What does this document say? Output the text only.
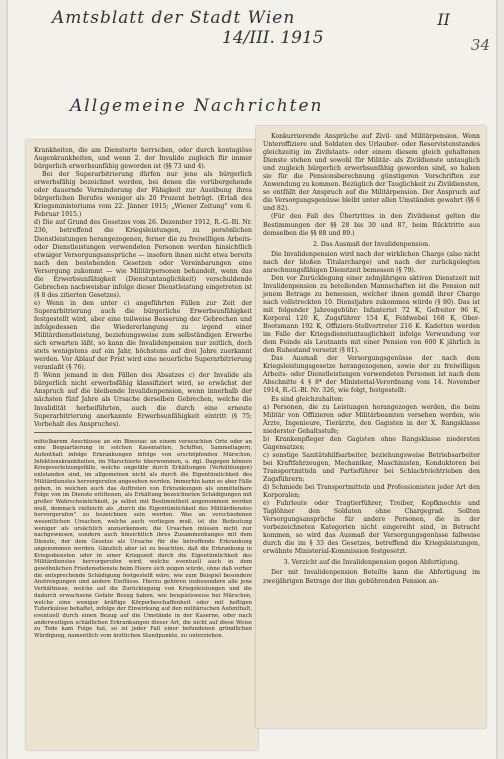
Amtsblatt der Stadt Wien	II
14/III. 1915	34
Allgemeine Nachrichten

Krankheiten, die am Dienstorte herrschen, oder durch kontagiöse Augenkrankheiten, und wenn 2. der Invalide zugleich für immer bürgerlich erwerbsunfähig geworden ist (§§ 73 und 4).

Bei der Superarbitrierung dürfen nur jene als bürgerlich erwerbsfähig bezeichnet werden, bei denen die vorübergehende oder dauernde Verminderung der Fähigkeit zur Ausübung ihres bürgerlichen Berufes weniger als 20 Prozent beträgt. (Erlaß des Kriegsministeriums vom 22. Jänner 1915; „Wiener Zeitung" vom 6. Februar 1915.)

d) Die auf Grund des Gesetzes vom 26. Dezember 1912, R.-G.-Bl. Nr. 236, betreffend die Kriegsleistungen, zu persönlichen Dienstleistungen herangezogenen, ferner die zu freiwilligen Arbeits- oder Dienstleistungen verwendeten Personen werden hinsichtlich etwaiger Versorgungsansprüche — insofern ihnen nicht etwa bereits nach den bestehenden Gesetzen oder Vereinbarungen eine Versorgung zukommt — wie Militärpersonen behandelt, wenn das die Erwerbsunfähigkeit (Dienstuntauglichkeit) verschuldende Gebrechen nachweisbar infolge dieser Dienstleistung eingetreten ist (§ 8 des zitierten Gesetzes).

e) Wenn in den unter c) angeführten Fällen zur Zeit der Superarbitrierung auch die bürgerliche Erwerbsunfähigkeit festgestellt wird, aber eine teilweise Besserung der Gebrechen und infolgedessen die Wiedererlangung zu irgend einer Militärdienstleistung, beziehungsweise zum selbständigen Erwerbe sich erwarten läßt, so kann die Invalidenpension nur zeitlich, doch stets wenigstens auf ein Jahr, höchstens auf drei Jahre zuerkannt werden. Vor Ablauf der Frist wird eine neuerliche Superarbitrierung veranlaßt (§ 76).

f) Wenn jemand in den Fällen des Absatzes c) der Invalide als bürgerlich nicht erwerbsfähig klassifiziert wird, so erwächst der Anspruch auf die bleibende Invalidenpension, wenn innerhalb der nächsten fünf Jahre als Ursache derselben Gebrechen, welche die Invalidität herbeiführten, auch die durch eine erneute Superarbitrierung anerkannte Erwerbsunfähigkeit eintritt (§ 75; Vorbehalt des Anspruches).

mittelbarem Anschlusse an ein Biwouac an einem verseuchten Orte oder an eine Bequartierung in solchen Kasematten, Schiffen, Sammellagern, Aufenthalt infolge Erkrankungen infolge von erschöpfenden Märschen, Infektionskrankheiten, im Marschierte überwommen, u. dgl. Dagegen können Kriegsverletzungsfälle, welche ungefähr durch Erkältungen (Verkühlungen) entstanden sind, im allgemeinen nicht als durch die Eigentümlichkeit des Militärdienstes hervorgerufen angesehen werden. Immerhin kann es aber Fälle geben, in welchen auch das Auftreten von Erkrankungen als unmittelbare Folge von im Dienste erlittenen, als Erkältung bezeichneten Schädigungen mit großer Wahrscheinlichkeit, ja selbst mit Bestimmtheit angenommen werden muß, demnach vielleicht als „durch die Eigentümlichkeit des Militärdienstes hervorgerufen" zu bezeichnen sein werden. Was an verschiedenen wesentlichen Ursachen, welche auch vorliegen muß, ist die Bedeutung weniger als ursächlich anzuerkennen; die Ursachen müssen nicht nur nachgewiesen, sondern auch hinsichtlich ihres Zusammenhanges mit dem Dienste, der dem Gesetze als Ursache für die betreffende Erkrankung angenommen werden. Gänzlich aber ist zu beachten, daß die Erkrankung in Kriegsdiensten oder in einer Kriegszeit durch die Eigentümlichkeit des Militärdienstes hervorgerufen wird, welche eventuell auch in dem gewöhnlichen Friedensdienste beim Heere sich zeigen würde, ohne daß vorher die entsprechende Schädigung festgestellt wäre, wie zum Beispiel besondere Anstrengungen und andere Einflüsse. Hierzu gehören insbesondere alle jene Verhältnisse, welche auf die Zurücklegung von Kriegsleistungen und die dadurch erwachsene Gefahr Bezug haben, wie beispielsweise bei Märschen, welche eine weniger kräftige Körperbeschaffenheit oder mit heftigen Tuberkulose behaftet, infolge der Einwirkung auf den militärischen Aufenthalt, eventuell durch einen Bezug auf die Umstände in der Kaserne, oder nach anderweitigen schädlichen Erkrankungen dieser Art, die nicht auf diese Weise zu Tode kam Folge hat, so ist jeder Fall einer befundenen gründlichen Würdigung, namentlich vom ärztlichen Standpunkte, zu unterziehen.

Konkurrierende Ansprüche auf Zivil- und Militärpension. Wenn Unteroffiziere und Soldaten des Urlauber- oder Reservistenstandes gleichzeitig im Zivilstaats- oder einem diesem gleich gehaltenen Dienste stehen und sowohl für Militär- als Zivildienste untauglich und zugleich bürgerlich erwerbsunfähig geworden sind, so haben sie für die Pensionsberechnung günstigeren Vorschriften zur Anwendung zu kommen. Bezüglich der Tauglichkeit zu Zivildiensten, so entfällt der Anspruch auf die Militärpension. Der Anspruch auf die Versorgungsgenüsse bleibt unter allen Umständen gewahrt (§§ 6 und 82).

(Für den Fall des Übertrittes in den Zivildienst gelten die Bestimmungen der §§ 28 bis 30 und 87, beim Rücktritte aus demselben die §§ 88 und 89.)

2. Das Ausmaß der Invalidenpension.

Die Invalidenpension wird nach der wirklichen Charge (also nicht nach der bloßen Titularcharge) und nach der zurückgelegten anrechnungsfähigen Dienstzeit bemessen (§ 79).

Den vor Zurücklegung einer zehnjährigen aktiven Dienstzeit mit Invalidenpension zu beteilenden Mannschaften ist die Pension mit jenem Betrage zu bemessen, welcher ihnen gemäß ihrer Charge nach vollstreckten 10. Dienstjahre zukommen würde (§ 80). Das ist mit folgender Jahresgebühr: Infanterist 72 K, Gefreiter 96 K, Korporal 120 K, Zugsführer 154 K, Feldwebel 168 K, Ober-Bootsmann 192 K, Offiziers-Stellvertreter 216 K. Kadetten werden im Falle der Kriegsdienstuntauglichkeit infolge Verwundung vor dem Feinde als Leutnants mit einer Pension von 600 K jährlich in den Ruhestand versetzt (§ 81).

Das Ausmaß der Versorgungsgenüsse der nach dem Kriegsleistungsgesetze herangezogenen, sowie der zu freiwilligen Arbeits- oder Dienstleistungen verwendeten Personen ist nach dem Abschnitte 4 § 8* der Ministerial-Verordnung vom 14. November 1914, R.-G.-Bl. Nr. 326, wie folgt, festgestellt:

Es sind gleichzuhalten:

a) Personen, die zu Leistungen herangezogen werden, die beim Militär von Offizieren oder Militärbeamten versehen werden, wie Ärzte, Ingenieure, Tierärzte, den Gagisten in der X. Rangsklasse niederster Gehaltsstufe;

b) Krankenpfleger den Gagisten ohne Rangsklasse niedersten Gagensatzes;

c) sonstige Sanitätshilfsarbeiter, beziehungsweise Betriebsarbeiter bei Kraftfahrzeugen, Mechaniker, Maschinisten, Konduktoren bei Transportmitteln und Partieführer bei Schlachtviehtrieben den Zugsführern;

d) Schmiede bei Transportmitteln und Professionisten jeder Art den Korporalen;

e) Fuhrleute oder Tragtierführer, Treiber, Kopfknechte und Taglöhner den Soldaten ohne Chargegrad. Sollten Versorgungsansprüche für andere Personen, die in der vorbezeichneten Kategorien nicht eingereiht sind, in Betracht kommen, so wird das Ausmaß der Versorgungsgenüsse fallweise durch die im § 33 des Gesetzes, betreffend die Kriegsleistungen, erwähnte Ministerial-Kommission festgesetzt.

3. Verzicht auf die Invalidenpension gegen Abfertigung.

Der mit Invalidenpension Beteilte kann die Abfertigung im zweijährigen Betrage der ihm gebührenden Pension an-
